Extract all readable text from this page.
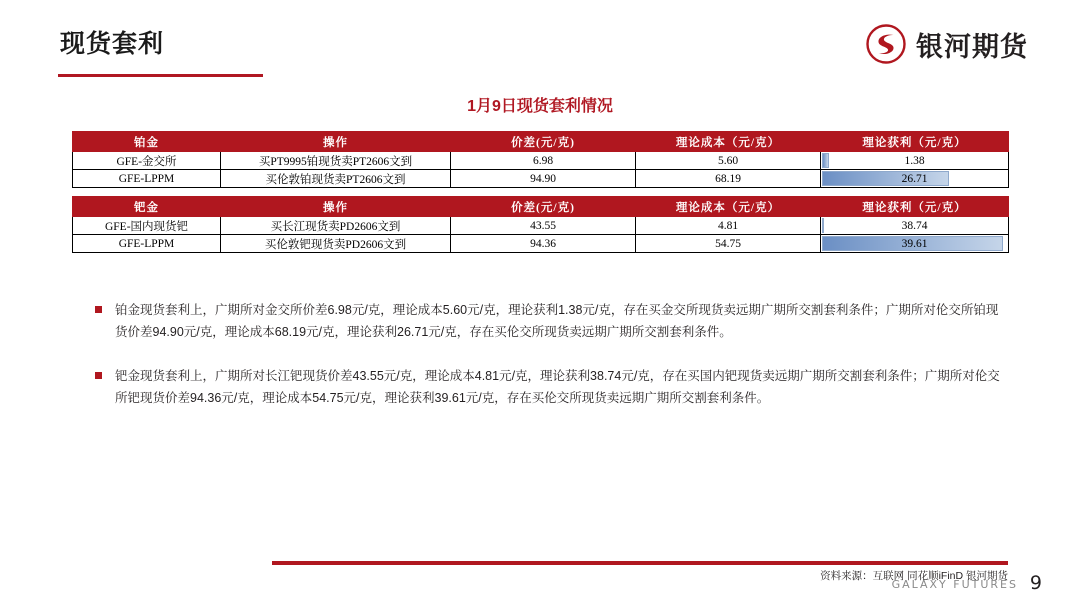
现货套利	银河期货
1月9日现货套利情况
铂金	操作	价差(元/克)	理论成本（元/克）	理论获利（元/克）
GFE-金交所	买PT9995铂现货卖PT2606文到	6.98	5.60	1.38
GFE-LPPM	买伦敦铂现货卖PT2606文到	94.90	68.19	26.71
钯金	操作	价差(元/克)	理论成本（元/克）	理论获利（元/克）
GFE-国内现货钯	买长江现货卖PD2606文到	43.55	4.81	38.74
GFE-LPPM	买伦敦钯现货卖PD2606文到	94.36	54.75	39.61
铂金现货套利上，广期所对金交所价差6.98元/克，理论成本5.60元/克，理论获利1.38元/克，存在买金交所现货卖远期广期所交割套利条件；广期所对伦交所铂现货价差94.90元/克，理论成本68.19元/克，理论获利26.71元/克，存在买伦交所现货卖远期广期所交割套利条件。
钯金现货套利上，广期所对长江钯现货价差43.55元/克，理论成本4.81元/克，理论获利38.74元/克，存在买国内钯现货卖远期广期所交割套利条件；广期所对伦交所钯现货价差94.36元/克，理论成本54.75元/克，理论获利39.61元/克，存在买伦交所现货卖远期广期所交割套利条件。
资料来源：互联网 同花顺iFinD 银河期货
GALAXY FUTURES 9
